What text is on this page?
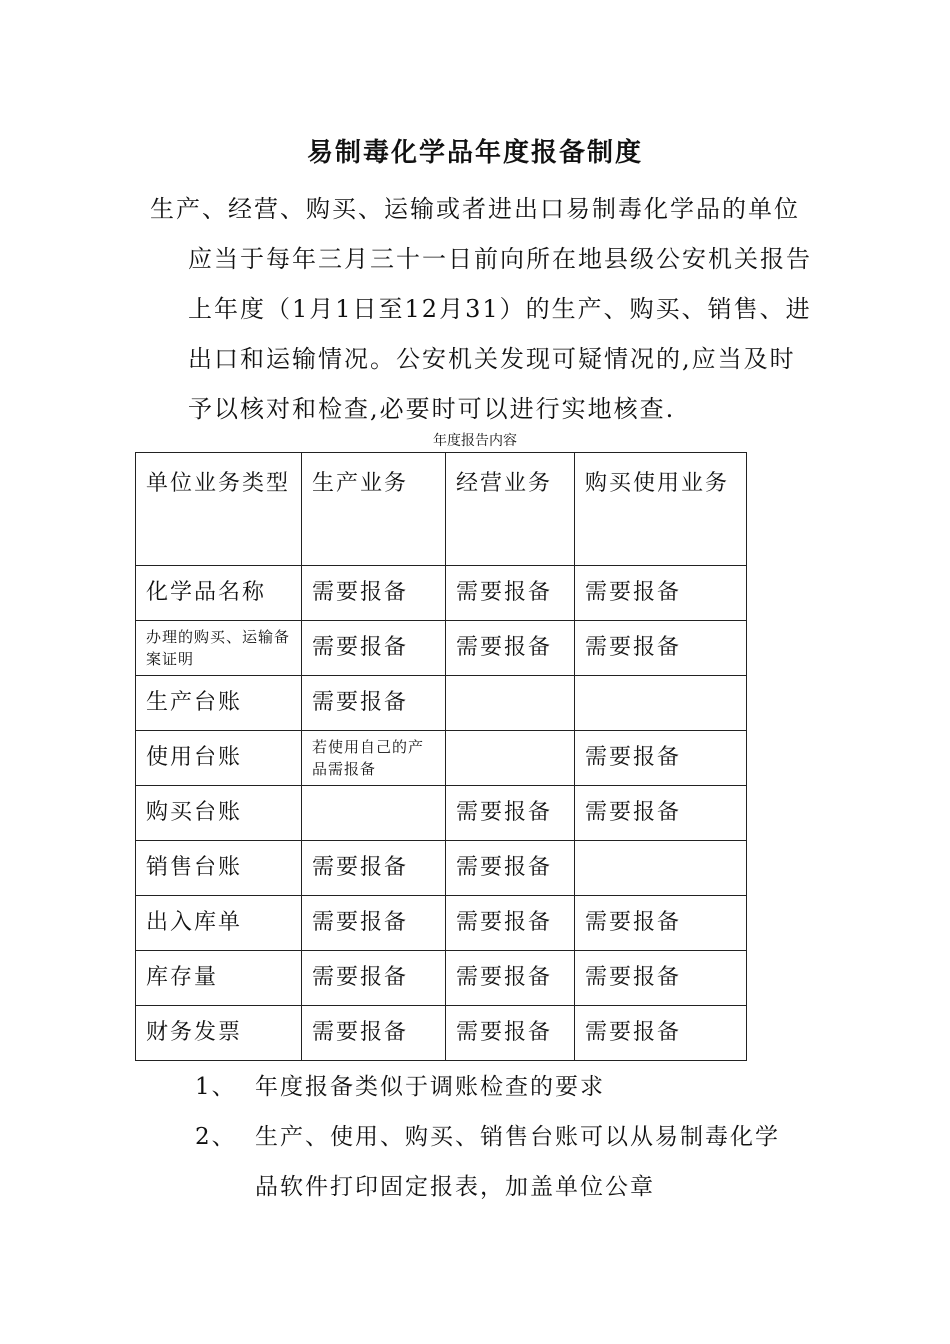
易制毒化学品年度报备制度
生产、经营、购买、运输或者进出口易制毒化学品的单位
应当于每年三月三十一日前向所在地县级公安机关报告
上年度（1月1日至12月31）的生产、购买、销售、进
出口和运输情况。公安机关发现可疑情况的,应当及时
予以核对和检查,必要时可以进行实地核查.
年度报告内容
单位业务类型	生产业务	经营业务	购买使用业务
化学品名称	需要报备	需要报备	需要报备
办理的购买、运输备案证明	需要报备	需要报备	需要报备
生产台账	需要报备		
使用台账	若使用自己的产品需报备		需要报备
购买台账		需要报备	需要报备
销售台账	需要报备	需要报备	
出入库单	需要报备	需要报备	需要报备
库存量	需要报备	需要报备	需要报备
财务发票	需要报备	需要报备	需要报备
1、 年度报备类似于调账检查的要求
2、 生产、使用、购买、销售台账可以从易制毒化学
品软件打印固定报表，加盖单位公章
